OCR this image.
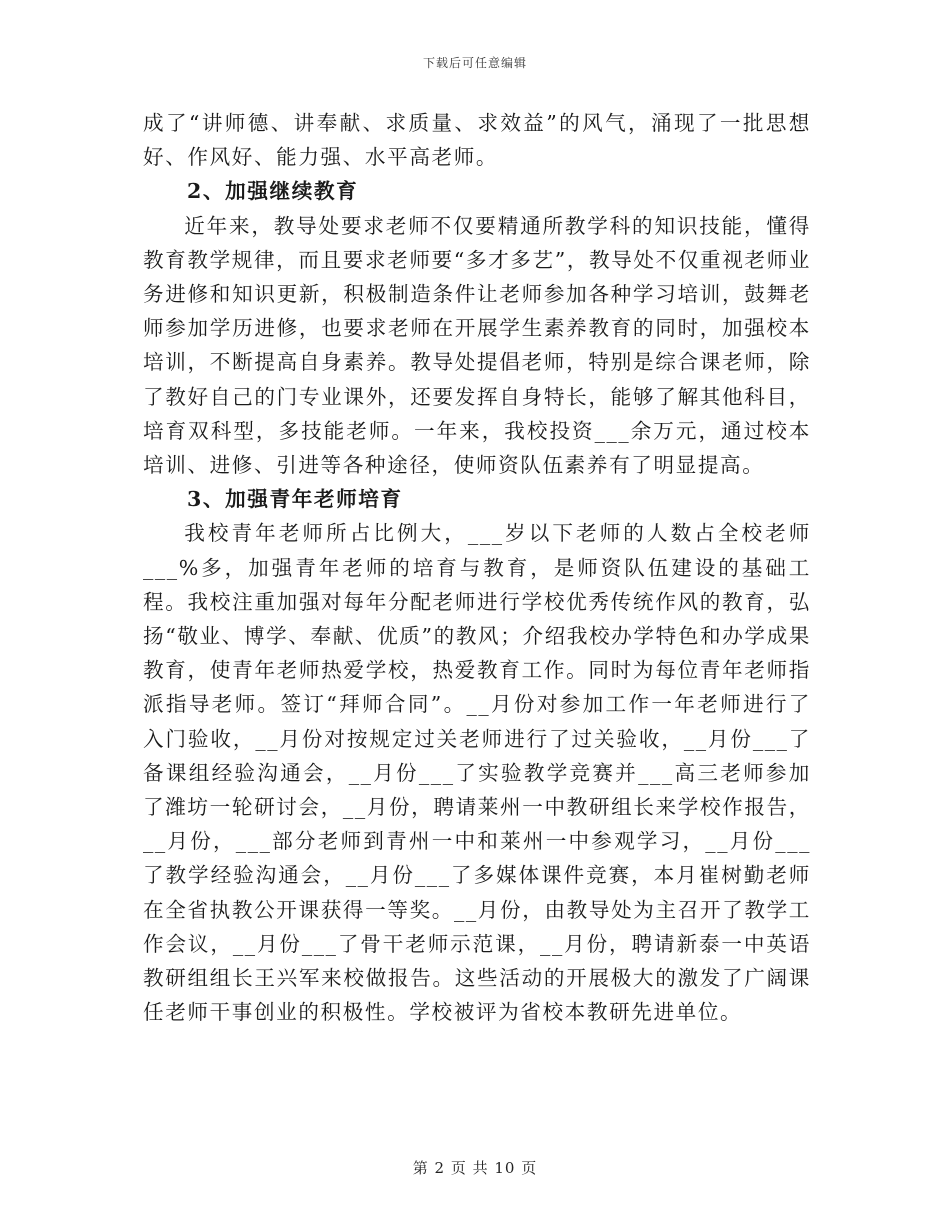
下载后可任意编辑

成了“讲师德、讲奉献、求质量、求效益”的风气，涌现了一批思想好、作风好、能力强、水平高老师。

2、加强继续教育

近年来，教导处要求老师不仅要精通所教学科的知识技能，懂得教育教学规律，而且要求老师要“多才多艺”，教导处不仅重视老师业务进修和知识更新，积极制造条件让老师参加各种学习培训，鼓舞老师参加学历进修，也要求老师在开展学生素养教育的同时，加强校本培训，不断提高自身素养。教导处提倡老师，特别是综合课老师，除了教好自己的门专业课外，还要发挥自身特长，能够了解其他科目，培育双科型，多技能老师。一年来，我校投资___余万元，通过校本培训、进修、引进等各种途径，使师资队伍素养有了明显提高。

3、加强青年老师培育

我校青年老师所占比例大，___岁以下老师的人数占全校老师___%多，加强青年老师的培育与教育，是师资队伍建设的基础工程。我校注重加强对每年分配老师进行学校优秀传统作风的教育，弘扬“敬业、博学、奉献、优质”的教风；介绍我校办学特色和办学成果教育，使青年老师热爱学校，热爱教育工作。同时为每位青年老师指派指导老师。签订“拜师合同”。__月份对参加工作一年老师进行了入门验收，__月份对按规定过关老师进行了过关验收，__月份___了备课组经验沟通会，__月份___了实验教学竞赛并___高三老师参加了潍坊一轮研讨会，__月份，聘请莱州一中教研组长来学校作报告，__月份，___部分老师到青州一中和莱州一中参观学习，__月份___了教学经验沟通会，__月份___了多媒体课件竞赛，本月崔树勤老师在全省执教公开课获得一等奖。__月份，由教导处为主召开了教学工作会议，__月份___了骨干老师示范课，__月份，聘请新泰一中英语教研组组长王兴军来校做报告。这些活动的开展极大的激发了广阔课任老师干事创业的积极性。学校被评为省校本教研先进单位。

第 2 页 共 10 页
